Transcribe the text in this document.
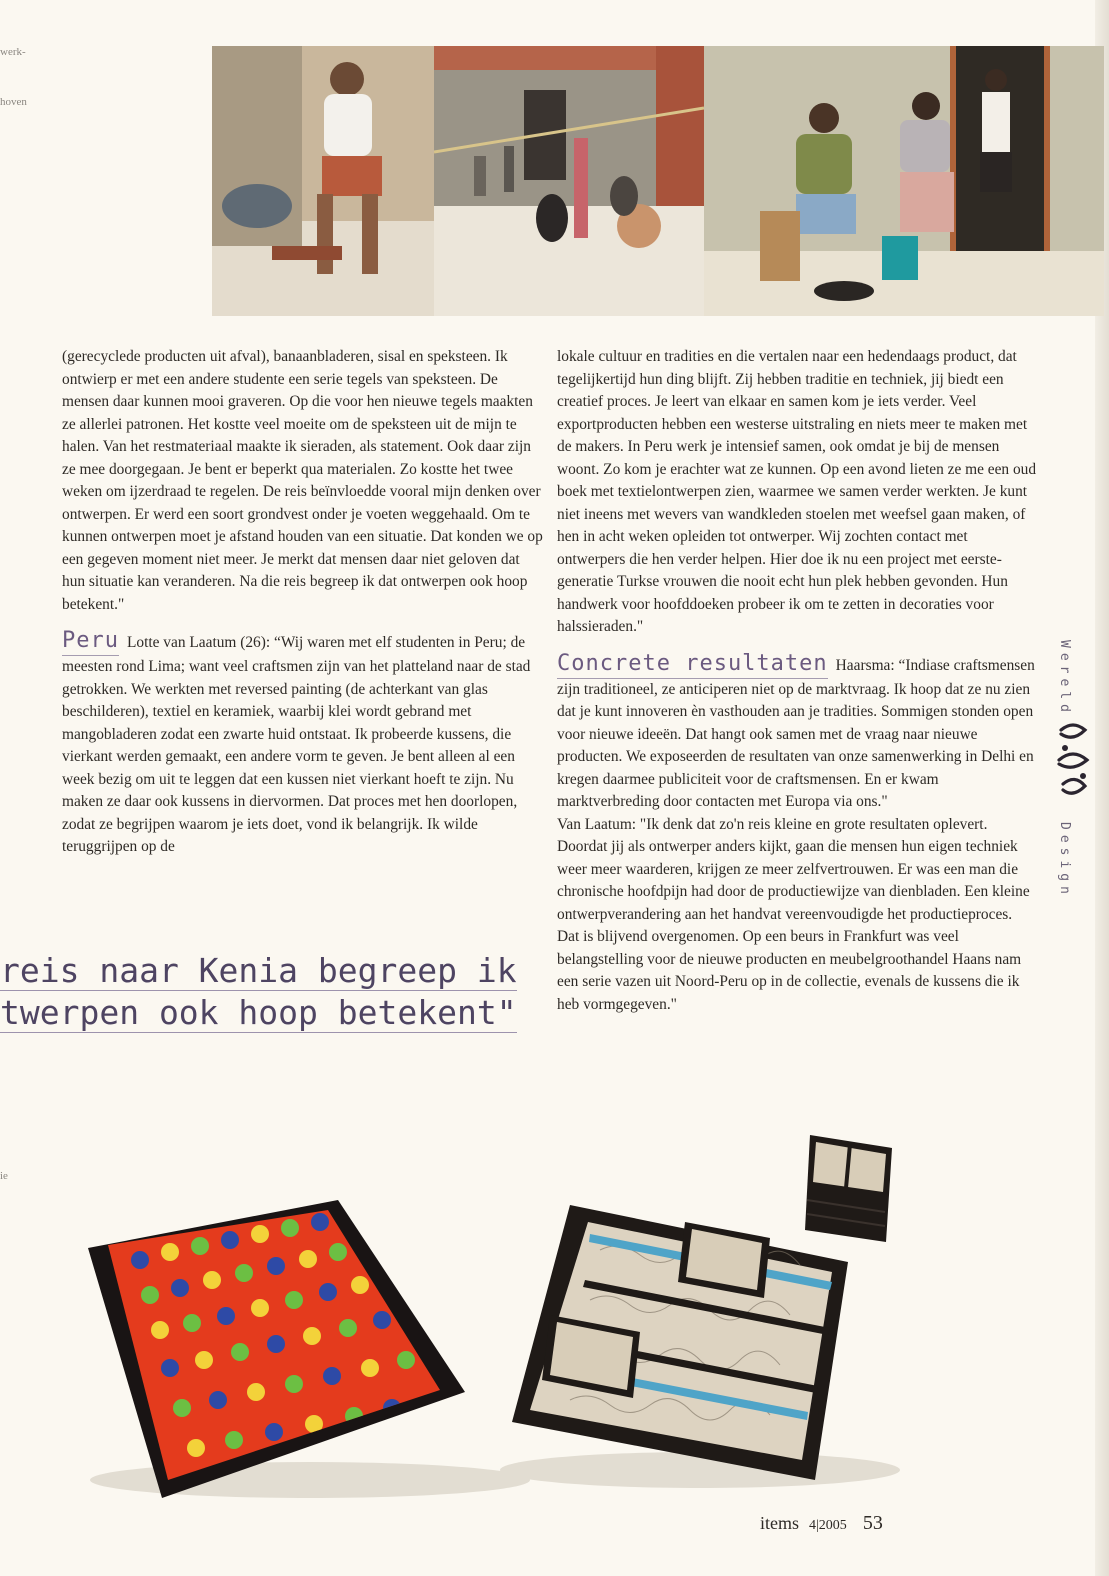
werk-
hoven
ie

(gerecyclede producten uit afval), banaanbladeren, sisal en speksteen. Ik ontwierp er met een andere studente een serie tegels van speksteen. De mensen daar kunnen mooi graveren. Op die voor hen nieuwe tegels maakten ze allerlei patronen. Het kostte veel moeite om de speksteen uit de mijn te halen. Van het restmateriaal maakte ik sieraden, als statement. Ook daar zijn ze mee doorgegaan. Je bent er beperkt qua materialen. Zo kostte het twee weken om ijzerdraad te regelen. De reis beïnvloedde vooral mijn denken over ontwerpen. Er werd een soort grondvest onder je voeten weggehaald. Om te kunnen ontwerpen moet je afstand houden van een situatie. Dat konden we op een gegeven moment niet meer. Je merkt dat mensen daar niet geloven dat hun situatie kan veranderen. Na die reis begreep ik dat ontwerpen ook hoop betekent."

Peru Lotte van Laatum (26): “Wij waren met elf studenten in Peru; de meesten rond Lima; want veel craftsmen zijn van het platteland naar de stad getrokken. We werkten met reversed painting (de achterkant van glas beschilderen), textiel en keramiek, waarbij klei wordt gebrand met mangobladeren zodat een zwarte huid ontstaat. Ik probeerde kussens, die vierkant werden gemaakt, een andere vorm te geven. Je bent alleen al een week bezig om uit te leggen dat een kussen niet vierkant hoeft te zijn. Nu maken ze daar ook kussens in diervormen. Dat proces met hen doorlopen, zodat ze begrijpen waarom je iets doet, vond ik belangrijk. Ik wilde teruggrijpen op de

lokale cultuur en tradities en die vertalen naar een hedendaags product, dat tegelijkertijd hun ding blijft. Zij hebben traditie en techniek, jij biedt een creatief proces. Je leert van elkaar en samen kom je iets verder. Veel exportproducten hebben een westerse uitstraling en niets meer te maken met de makers. In Peru werk je intensief samen, ook omdat je bij de mensen woont. Zo kom je erachter wat ze kunnen. Op een avond lieten ze me een oud boek met textielontwerpen zien, waarmee we samen verder werkten. Je kunt niet ineens met wevers van wandkleden stoelen met weefsel gaan maken, of hen in acht weken opleiden tot ontwerper. Wij zochten contact met ontwerpers die hen verder helpen. Hier doe ik nu een project met eerste-generatie Turkse vrouwen die nooit echt hun plek hebben gevonden. Hun handwerk voor hoofddoeken probeer ik om te zetten in decoraties voor halssieraden."

Concrete resultaten Haarsma: “Indiase craftsmensen zijn traditioneel, ze anticiperen niet op de marktvraag. Ik hoop dat ze nu zien dat je kunt innoveren èn vasthouden aan je tradities. Sommigen stonden open voor nieuwe ideeën. Dat hangt ook samen met de vraag naar nieuwe producten. We exposeerden de resultaten van onze samenwerking in Delhi en kregen daarmee publiciteit voor de craftsmensen. En er kwam marktverbreding door contacten met Europa via ons."

Van Laatum: "Ik denk dat zo'n reis kleine en grote resultaten oplevert. Doordat jij als ontwerper anders kijkt, gaan die mensen hun eigen techniek weer meer waarderen, krijgen ze meer zelfvertrouwen. Er was een man die chronische hoofdpijn had door de productiewijze van dienbladen. Een kleine ontwerpverandering aan het handvat vereenvoudigde het productieproces. Dat is blijvend overgenomen. Op een beurs in Frankfurt was veel belangstelling voor de nieuwe producten en meubelgroothandel Haans nam een serie vazen uit Noord-Peru op in de collectie, evenals de kussens die ik heb vormgegeven."

reis naar Kenia begreep ik
twerpen ook hoop betekent"
Wereld
Design
items 4|2005 53
